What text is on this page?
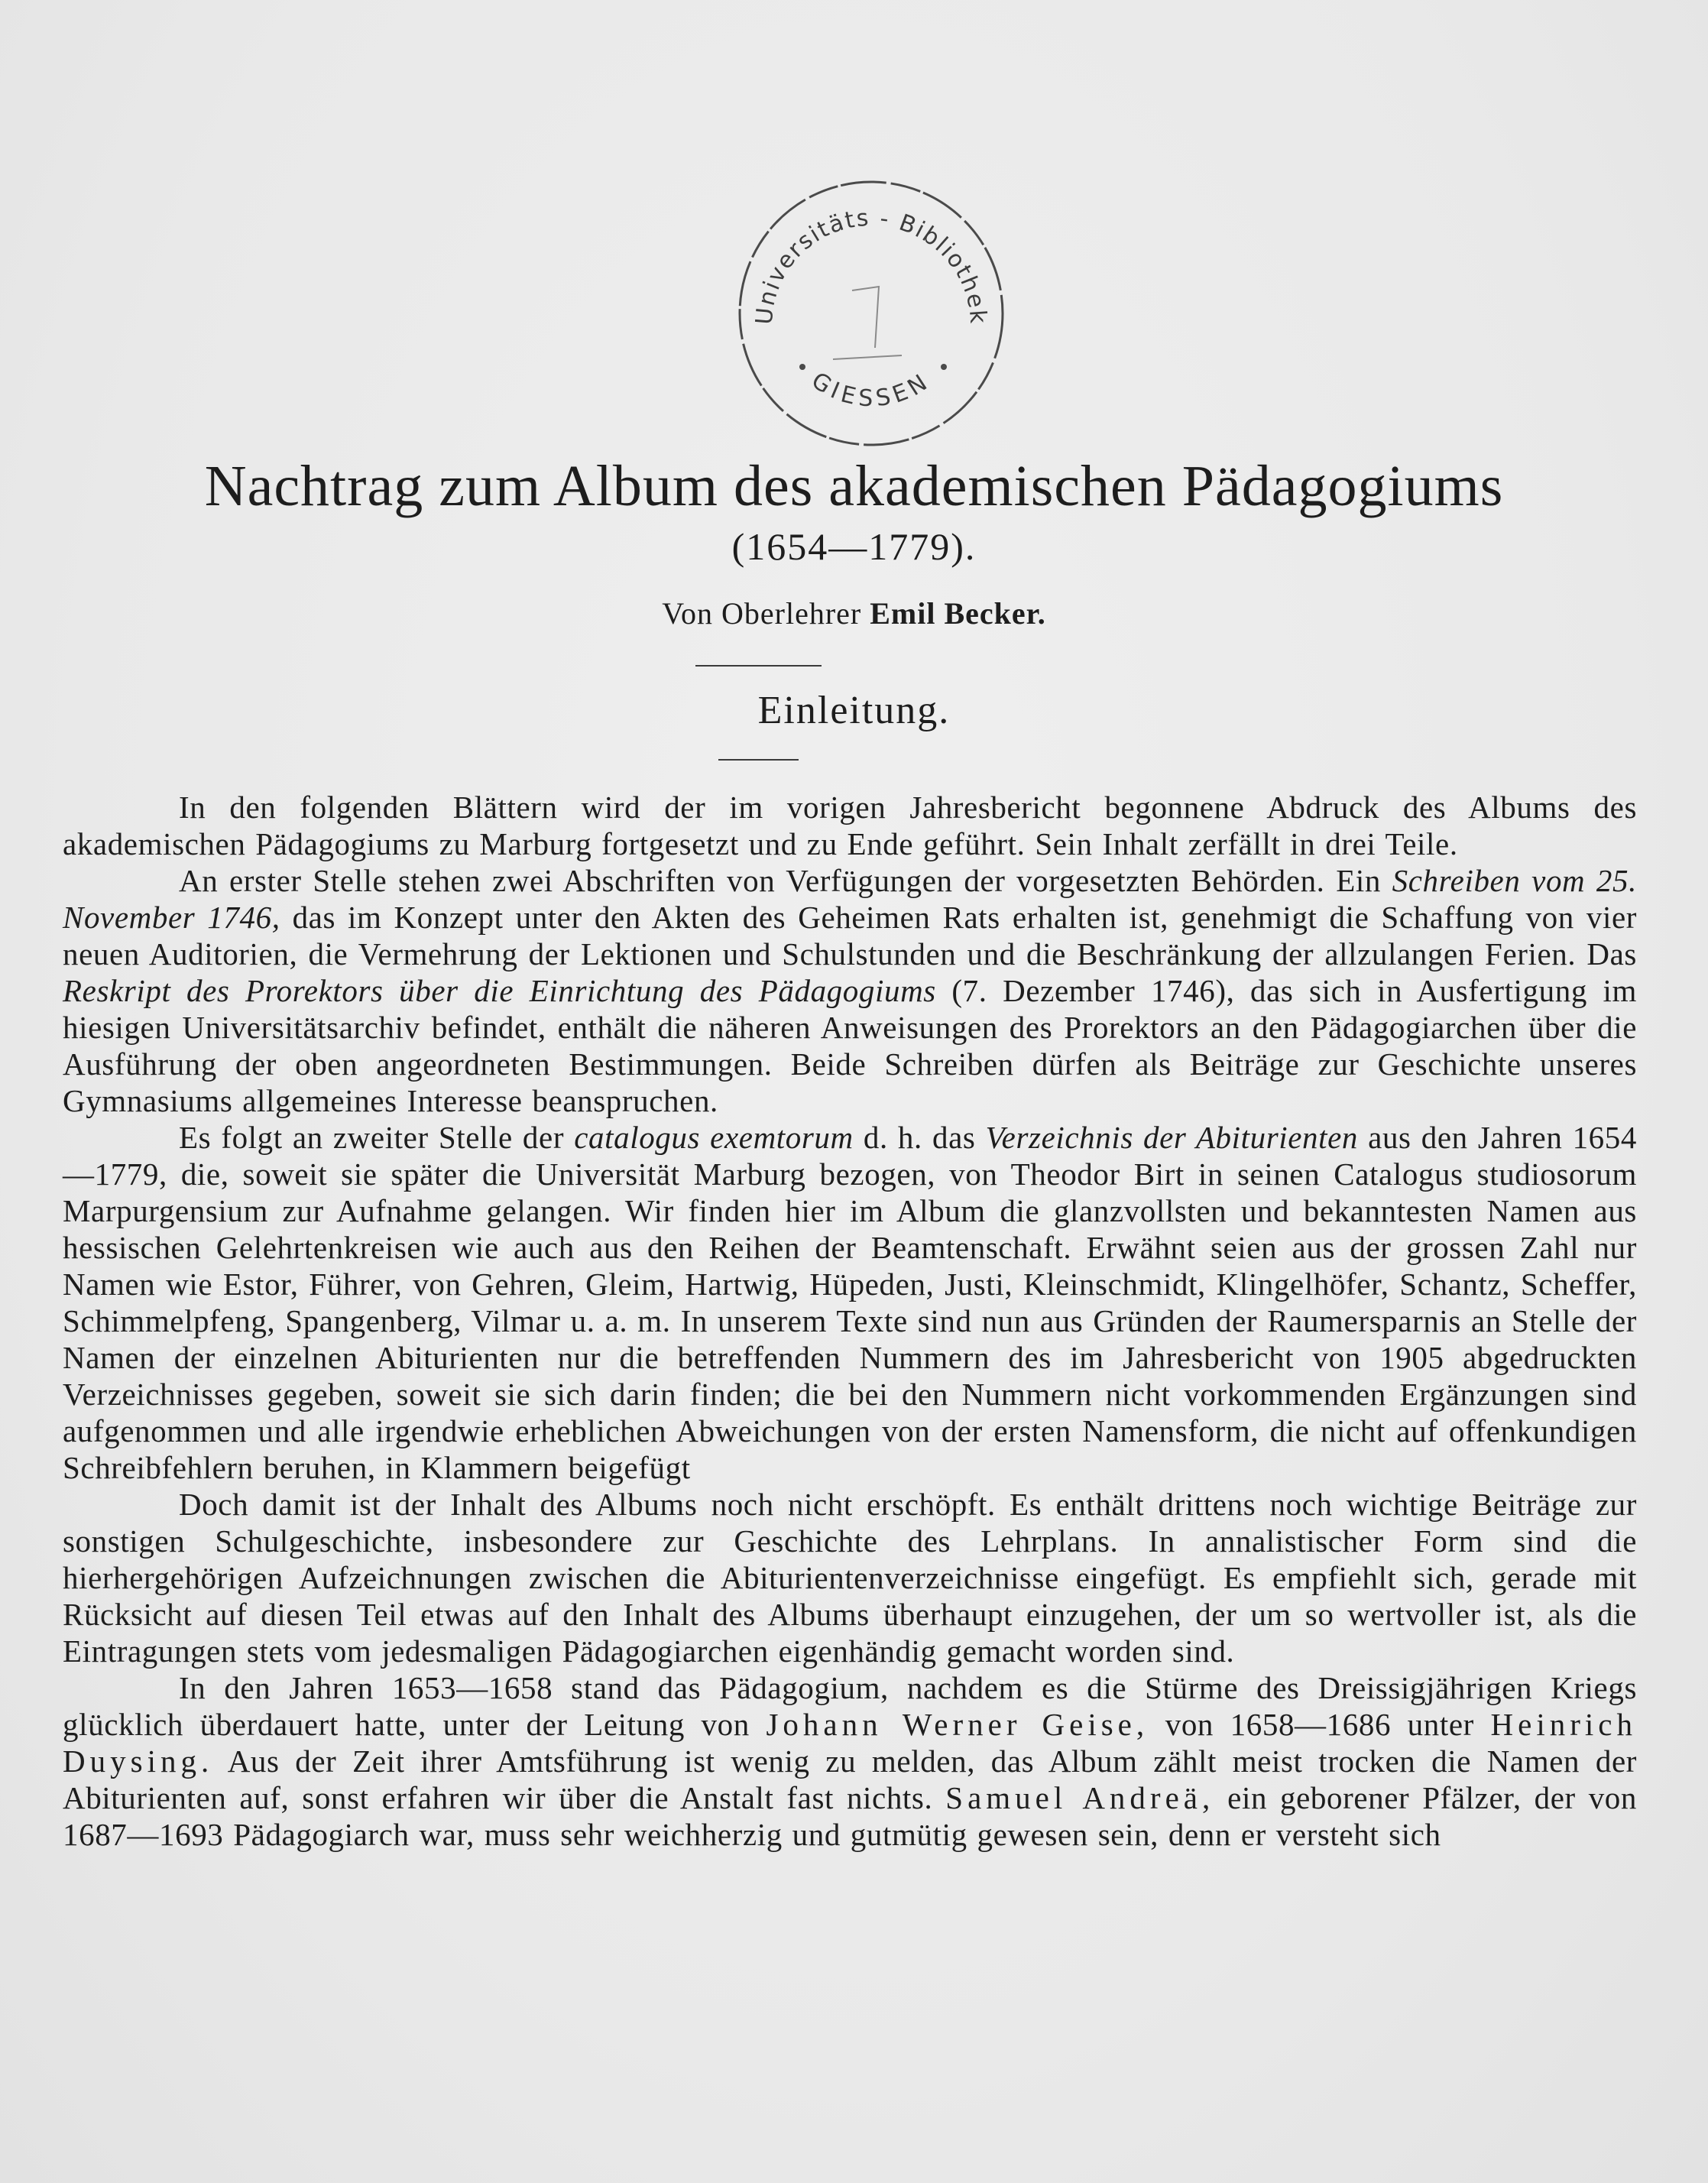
Universitäts - Bibliothek
GIESSEN
Nachtrag zum Album des akademischen Pädagogiums
(1654—1779).
Von Oberlehrer Emil Becker.
Einleitung.

In den folgenden Blättern wird der im vorigen Jahresbericht begonnene Abdruck des Albums des akademischen Pädagogiums zu Marburg fortgesetzt und zu Ende geführt. Sein Inhalt zerfällt in drei Teile.

An erster Stelle stehen zwei Abschriften von Verfügungen der vorgesetzten Behörden. Ein Schreiben vom 25. November 1746, das im Konzept unter den Akten des Geheimen Rats erhalten ist, genehmigt die Schaffung von vier neuen Auditorien, die Vermehrung der Lektionen und Schulstunden und die Beschränkung der allzulangen Ferien. Das Reskript des Prorektors über die Einrichtung des Pädagogiums (7. Dezember 1746), das sich in Ausfertigung im hiesigen Universitätsarchiv befindet, enthält die näheren Anweisungen des Prorektors an den Pädagogiarchen über die Ausführung der oben angeordneten Bestimmungen. Beide Schreiben dürfen als Beiträge zur Geschichte unseres Gymnasiums allgemeines Interesse beanspruchen.

Es folgt an zweiter Stelle der catalogus exemtorum d. h. das Verzeichnis der Abiturienten aus den Jahren 1654—1779, die, soweit sie später die Universität Marburg bezogen, von Theodor Birt in seinen Catalogus studiosorum Marpurgensium zur Aufnahme gelangen. Wir finden hier im Album die glanzvollsten und bekanntesten Namen aus hessischen Gelehrtenkreisen wie auch aus den Reihen der Beamtenschaft. Erwähnt seien aus der grossen Zahl nur Namen wie Estor, Führer, von Gehren, Gleim, Hartwig, Hüpeden, Justi, Kleinschmidt, Klingelhöfer, Schantz, Scheffer, Schimmelpfeng, Spangenberg, Vilmar u. a. m. In unserem Texte sind nun aus Gründen der Raumersparnis an Stelle der Namen der einzelnen Abiturienten nur die betreffenden Nummern des im Jahresbericht von 1905 abgedruckten Verzeichnisses gegeben, soweit sie sich darin finden; die bei den Nummern nicht vorkommenden Ergänzungen sind aufgenommen und alle irgendwie erheblichen Abweichungen von der ersten Namensform, die nicht auf offenkundigen Schreibfehlern beruhen, in Klammern beigefügt

Doch damit ist der Inhalt des Albums noch nicht erschöpft. Es enthält drittens noch wichtige Beiträge zur sonstigen Schulgeschichte, insbesondere zur Geschichte des Lehrplans. In annalistischer Form sind die hierhergehörigen Aufzeichnungen zwischen die Abiturientenverzeichnisse eingefügt. Es empfiehlt sich, gerade mit Rücksicht auf diesen Teil etwas auf den Inhalt des Albums überhaupt einzugehen, der um so wertvoller ist, als die Eintragungen stets vom jedesmaligen Pädagogiarchen eigenhändig gemacht worden sind.

In den Jahren 1653—1658 stand das Pädagogium, nachdem es die Stürme des Dreissigjährigen Kriegs glücklich überdauert hatte, unter der Leitung von Johann Werner Geise, von 1658—1686 unter Heinrich Duysing. Aus der Zeit ihrer Amtsführung ist wenig zu melden, das Album zählt meist trocken die Namen der Abiturienten auf, sonst erfahren wir über die Anstalt fast nichts. Samuel Andreä, ein geborener Pfälzer, der von 1687—1693 Pädagogiarch war, muss sehr weichherzig und gutmütig gewesen sein, denn er versteht sich
